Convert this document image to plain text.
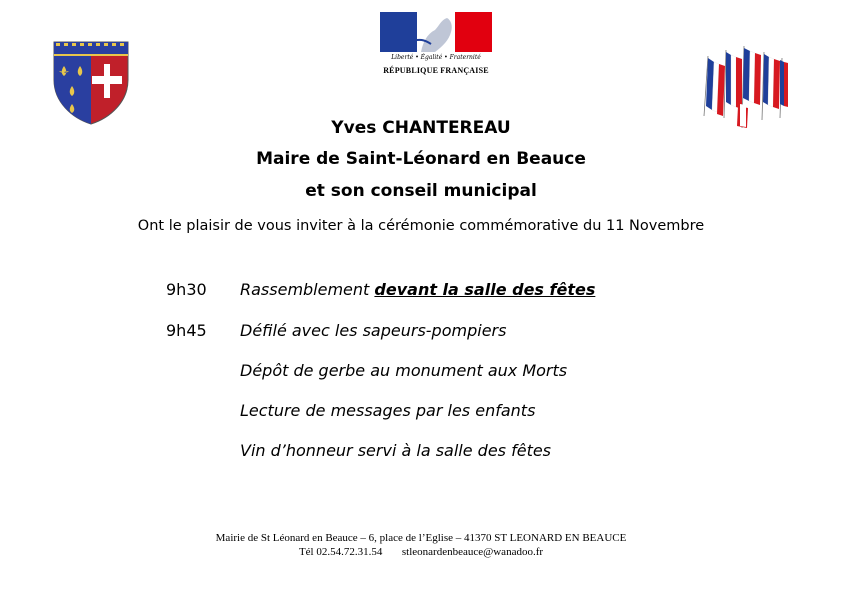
Liberté • Égalité • Fraternité
RÉPUBLIQUE FRANÇAISE
Yves CHANTEREAU
Maire de Saint-Léonard en Beauce
et son conseil municipal
Ont le plaisir de vous inviter à la cérémonie commémorative du 11 Novembre
9h30 Rassemblement devant la salle des fêtes
9h45 Défilé avec les sapeurs-pompiers
Dépôt de gerbe au monument aux Morts
Lecture de messages par les enfants
Vin d’honneur servi à la salle des fêtes
Mairie de St Léonard en Beauce – 6, place de l’Eglise – 41370 ST LEONARD EN BEAUCE
Tél 02.54.72.31.54 stleonardenbeauce@wanadoo.fr
